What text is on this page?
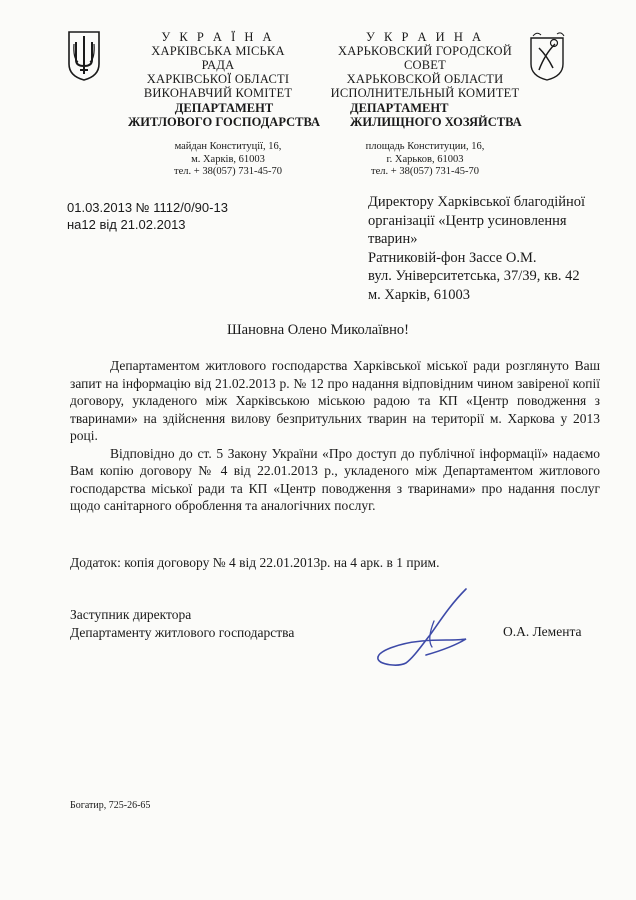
У К Р А Ї Н А
ХАРКІВСЬКА МІСЬКА
РАДА
ХАРКІВСЬКОЇ ОБЛАСТІ
ВИКОНАВЧИЙ КОМІТЕТ
ДЕПАРТАМЕНТ
ЖИТЛОВОГО ГОСПОДАРСТВА
майдан Конституції, 16,
м. Харків, 61003
тел. + 38(057) 731-45-70
У К Р А И Н А
ХАРЬКОВСКИЙ ГОРОДСКОЙ
СОВЕТ
ХАРЬКОВСКОЙ ОБЛАСТИ
ИСПОЛНИТЕЛЬНЫЙ КОМИТЕТ
ДЕПАРТАМЕНТ
ЖИЛИЩНОГО ХОЗЯЙСТВА
площадь Конституции, 16,
г. Харьков, 61003
тел. + 38(057) 731-45-70
01.03.2013 № 1112/0/90-13
на12 від 21.02.2013
Директору Харківської благодійної
організації «Центр усиновлення
тварин»
Ратниковій-фон Зассе О.М.
вул. Університетська, 37/39, кв. 42
м. Харків, 61003
Шановна Олено Миколаївно!

Департаментом житлового господарства Харківської міської ради розглянуто Ваш запит на інформацію від 21.02.2013 р. № 12 про надання відповідним чином завіреної копії договору, укладеного між Харківською міською радою та КП «Центр поводження з тваринами» на здійснення вилову безпритульних тварин на території м. Харкова у 2013 році.

Відповідно до ст. 5 Закону України «Про доступ до публічної інформації» надаємо Вам копію договору № 4 від 22.01.2013 р., укладеного між Департаментом житлового господарства міської ради та КП «Центр поводження з тваринами» про надання послуг щодо санітарного оброблення та аналогічних послуг.

Додаток: копія договору № 4 від 22.01.2013р. на 4 арк. в 1 прим.
Заступник директора
Департаменту житлового господарства	О.А. Лемента
Богатир, 725-26-65
